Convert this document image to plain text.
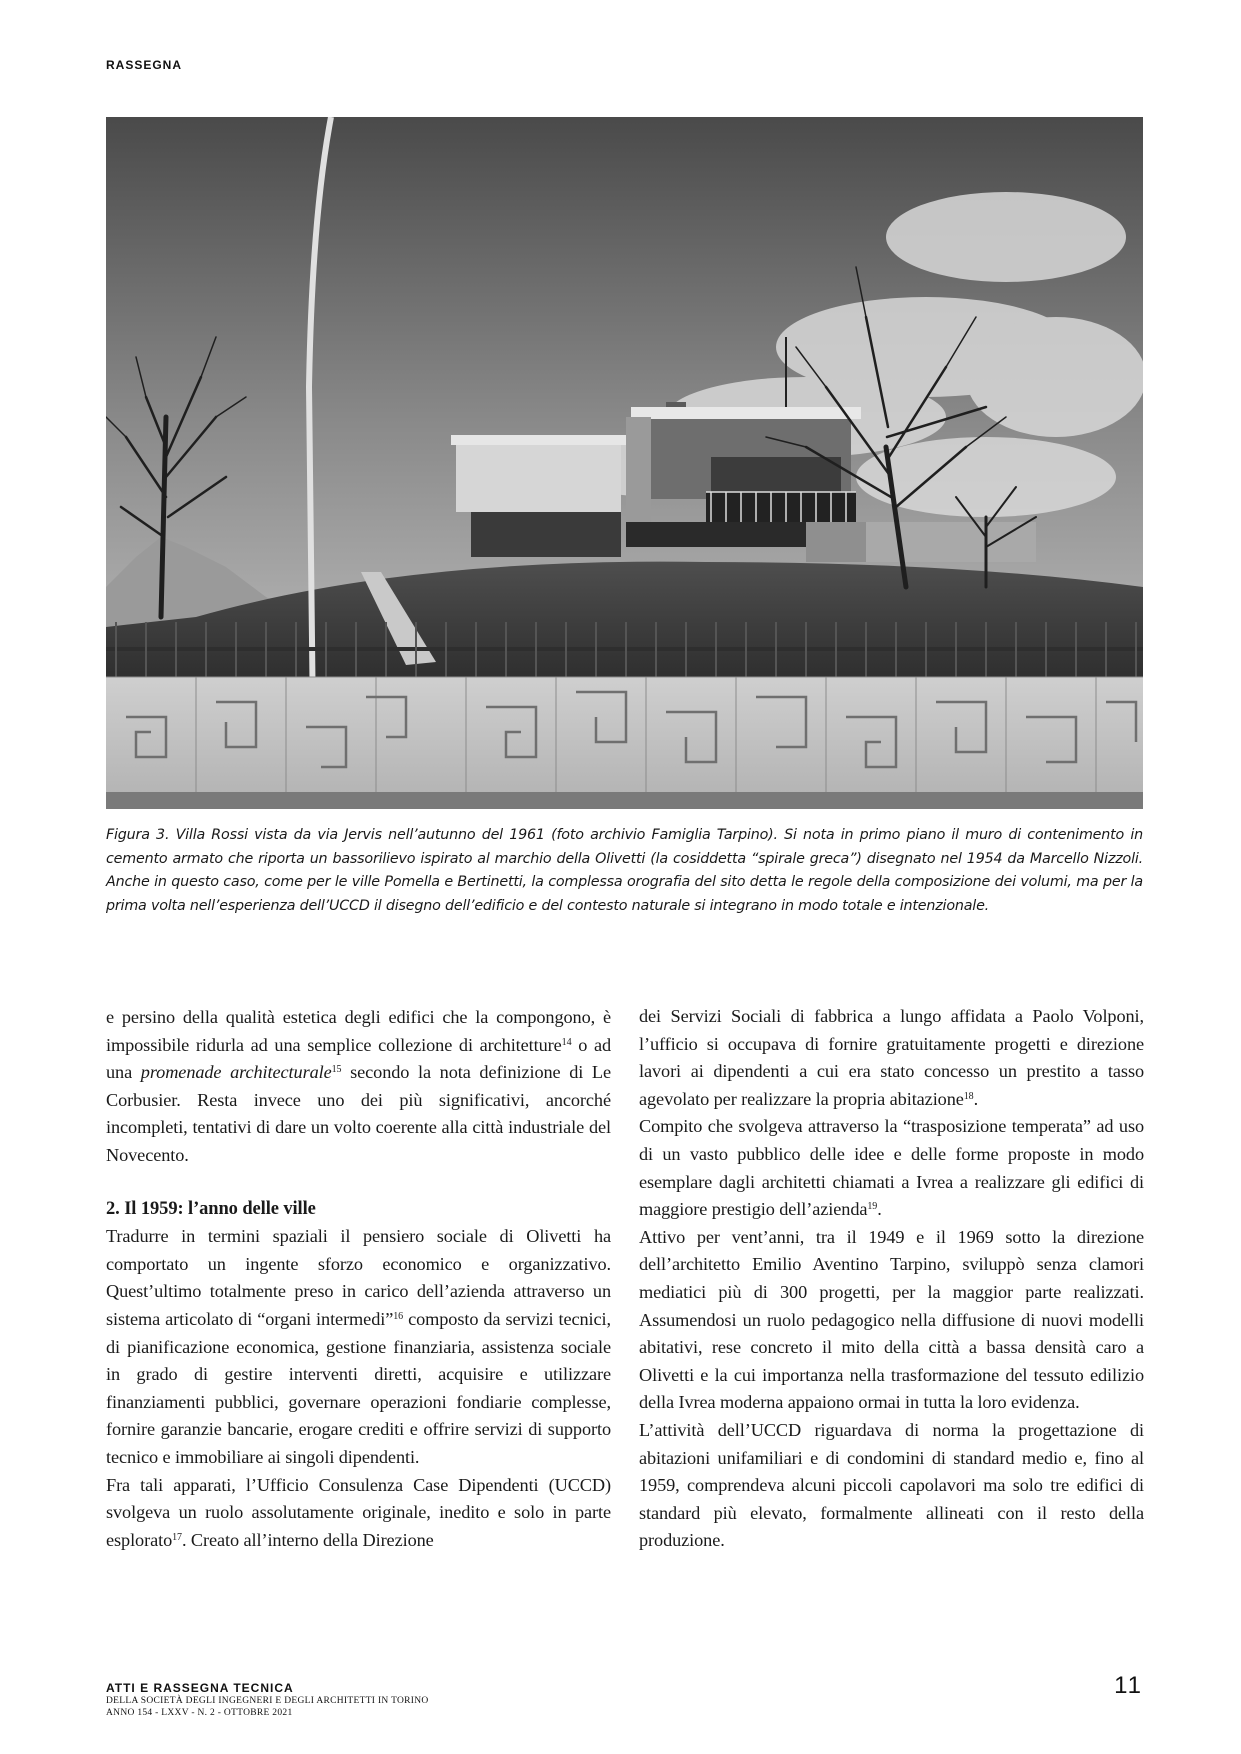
RASSEGNA
Figura 3. Villa Rossi vista da via Jervis nell’autunno del 1961 (foto archivio Famiglia Tarpino). Si nota in primo piano il muro di contenimento in cemento armato che riporta un bassorilievo ispirato al marchio della Olivetti (la cosiddetta “spirale greca”) disegnato nel 1954 da Marcello Nizzoli. Anche in questo caso, come per le ville Pomella e Bertinetti, la complessa orografia del sito detta le regole della composizione dei volumi, ma per la prima volta nell’esperienza dell’UCCD il disegno dell’edificio e del contesto naturale si integrano in modo totale e intenzionale.

e persino della qualità estetica degli edifici che la compongono, è impossibile ridurla ad una semplice collezione di architetture$^{14}$ o ad una promenade architecturale$^{15}$ secondo la nota definizione di Le Corbusier. Resta invece uno dei più significativi, ancorché incompleti, tentativi di dare un volto coerente alla città industriale del Novecento.

2. Il 1959: l’anno delle ville

Tradurre in termini spaziali il pensiero sociale di Olivetti ha comportato un ingente sforzo economico e organizzativo. Quest’ultimo totalmente preso in carico dell’azienda attraverso un sistema articolato di “organi intermedi”$^{16}$ composto da servizi tecnici, di pianificazione economica, gestione finanziaria, assistenza sociale in grado di gestire interventi diretti, acquisire e utilizzare finanziamenti pubblici, governare operazioni fondiarie complesse, fornire garanzie bancarie, erogare crediti e offrire servizi di supporto tecnico e immobiliare ai singoli dipendenti.

Fra tali apparati, l’Ufficio Consulenza Case Dipendenti (UCCD) svolgeva un ruolo assolutamente originale, inedito e solo in parte esplorato$^{17}$. Creato all’interno della Direzione

dei Servizi Sociali di fabbrica a lungo affidata a Paolo Volponi, l’ufficio si occupava di fornire gratuitamente progetti e direzione lavori ai dipendenti a cui era stato concesso un prestito a tasso agevolato per realizzare la propria abitazione$^{18}$.

Compito che svolgeva attraverso la “trasposizione temperata” ad uso di un vasto pubblico delle idee e delle forme proposte in modo esemplare dagli architetti chiamati a Ivrea a realizzare gli edifici di maggiore prestigio dell’azienda$^{19}$.

Attivo per vent’anni, tra il 1949 e il 1969 sotto la direzione dell’architetto Emilio Aventino Tarpino, sviluppò senza clamori mediatici più di 300 progetti, per la maggior parte realizzati. Assumendosi un ruolo pedagogico nella diffusione di nuovi modelli abitativi, rese concreto il mito della città a bassa densità caro a Olivetti e la cui importanza nella trasformazione del tessuto edilizio della Ivrea moderna appaiono ormai in tutta la loro evidenza.

L’attività dell’UCCD riguardava di norma la progettazione di abitazioni unifamiliari e di condomini di standard medio e, fino al 1959, comprendeva alcuni piccoli capolavori ma solo tre edifici di standard più elevato, formalmente allineati con il resto della produzione.

ATTI E RASSEGNA TECNICA
DELLA SOCIETÀ DEGLI INGEGNERI E DEGLI ARCHITETTI IN TORINO
ANNO 154 - LXXV - N. 2 - OTTOBRE 2021
11
